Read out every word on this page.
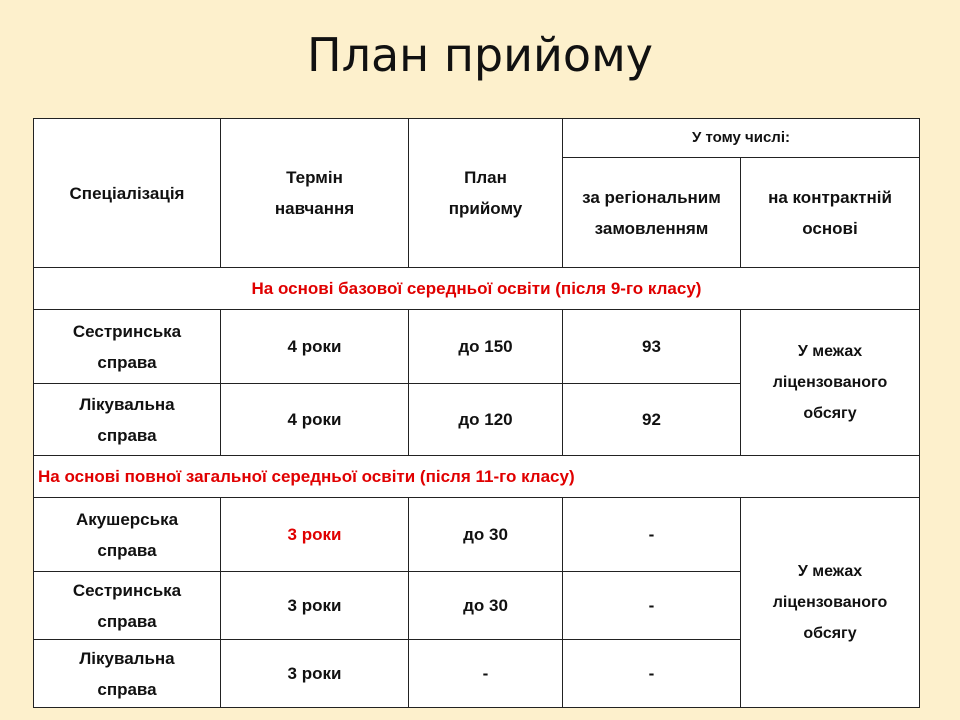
План прийому
Спеціалізація	Термін навчання	План прийому	У тому числі:	
			за регіональним замовленням	на контрактній основі
На основі базової середньої освіти (після 9-го класу)				
Сестринська справа	4 роки	до 150	93	У межах ліцензованого обсягу
Лікувальна справа	4 роки	до 120	92	
На основі повної загальної середньої освіти (після 11-го класу)				
Акушерська справа	3 роки	до 30	-	У межах ліцензованого обсягу
Сестринська справа	3 роки	до 30	-	
Лікувальна справа	3 роки	-	-	
